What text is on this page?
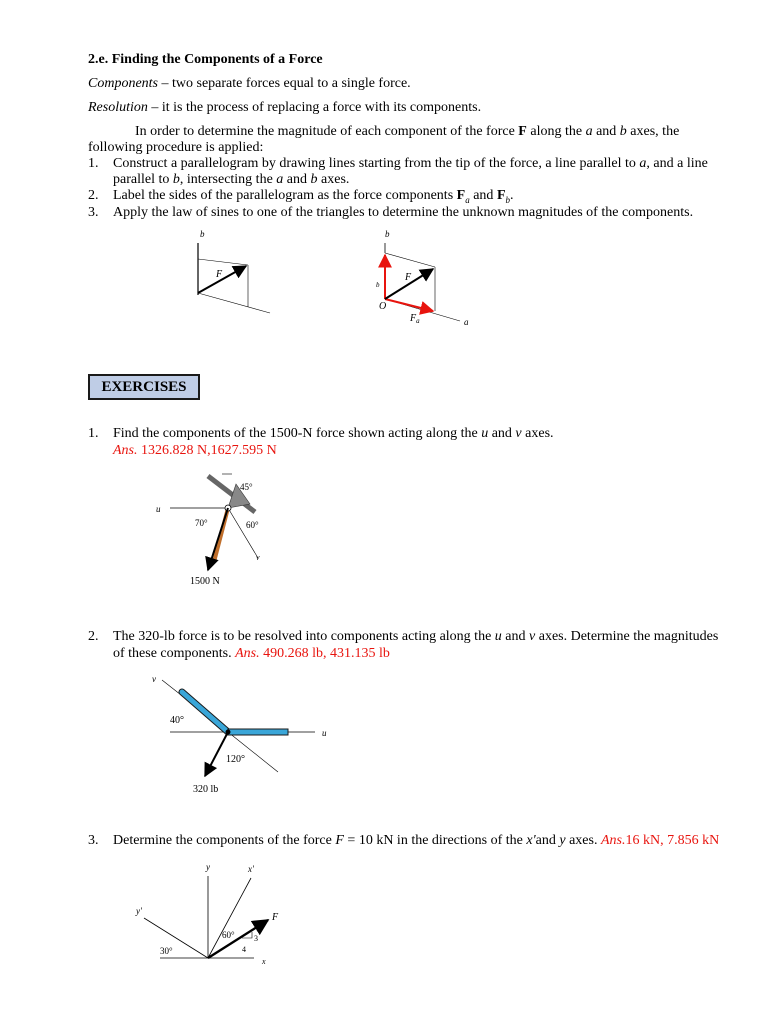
2.e. Finding the Components of a Force
Components – two separate forces equal to a single force.
Resolution – it is the process of replacing a force with its components.
In order to determine the magnitude of each component of the force F along the a and b axes, the
following procedure is applied:
1. Construct a parallelogram by drawing lines starting from the tip of the force, a line parallel to a, and a line
parallel to b, intersecting the a and b axes.
2. Label the sides of the parallelogram as the force components $F_a$ and $F_b$.
3. Apply the law of sines to one of the triangles to determine the unknown magnitudes of the components.
b
F
b
b
F
O
$F_a$	a
EXERCISES
1. Find the components of the 1500-N force shown acting along the u and v axes.
Ans. 1326.828 N,1627.595 N
u
v
45°
70°	60°
1500 N
2. The 320-lb force is to be resolved into components acting along the u and v axes. Determine the magnitudes
of these components. Ans. 490.268 lb, 431.135 lb
v
u
40°
120°
320 lb
3. Determine the components of the force F = 10 kN in the directions of the x'and y axes. Ans.16 kN, 7.856 kN
y	x'
y'
x
F
60°
30°
3
4
